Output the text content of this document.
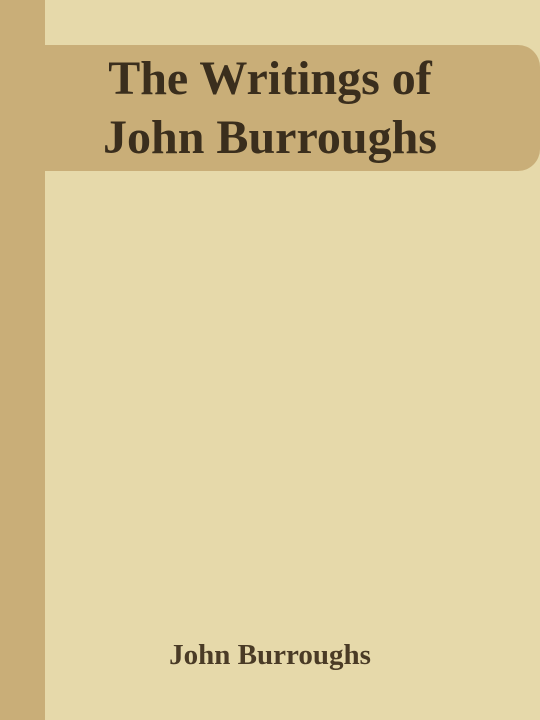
The Writings of
John Burroughs
John Burroughs
